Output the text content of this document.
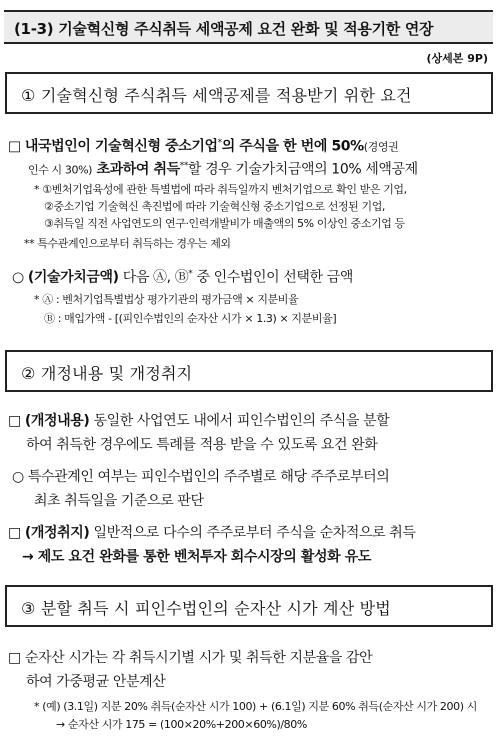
(1-3) 기술혁신형 주식취득 세액공제 요건 완화 및 적용기한 연장
(상세본 9P)
① 기술혁신형 주식취득 세액공제를 적용받기 위한 요건
□ 내국법인이 기술혁신형 중소기업*의 주식을 한 번에 50%(경영권
인수 시 30%) 초과하여 취득**할 경우 기술가치금액의 10% 세액공제
* ①벤처기업육성에 관한 특별법에 따라 취득일까지 벤처기업으로 확인 받은 기업,
②중소기업 기술혁신 촉진법에 따라 기술혁신형 중소기업으로 선정된 기업,
③취득일 직전 사업연도의 연구·인력개발비가 매출액의 5% 이상인 중소기업 등
** 특수관계인으로부터 취득하는 경우는 제외
○ (기술가치금액) 다음 Ⓐ, Ⓑ* 중 인수법인이 선택한 금액
* Ⓐ : 벤처기업특별법상 평가기관의 평가금액 × 지분비율
Ⓑ : 매입가액 - [(피인수법인의 순자산 시가 × 1.3) × 지분비율]
② 개정내용 및 개정취지
□ (개정내용) 동일한 사업연도 내에서 피인수법인의 주식을 분할
하여 취득한 경우에도 특례를 적용 받을 수 있도록 요건 완화
○ 특수관계인 여부는 피인수법인의 주주별로 해당 주주로부터의
최초 취득일을 기준으로 판단
□ (개정취지) 일반적으로 다수의 주주로부터 주식을 순차적으로 취득
→ 제도 요건 완화를 통한 벤처투자 회수시장의 활성화 유도
③ 분할 취득 시 피인수법인의 순자산 시가 계산 방법
□ 순자산 시가는 각 취득시기별 시가 및 취득한 지분율을 감안
하여 가중평균 안분계산
* (예) (3.1일) 지분 20% 취득(순자산 시가 100) + (6.1일) 지분 60% 취득(순자산 시가 200) 시
→ 순자산 시가 175 = (100×20%+200×60%)/80%
